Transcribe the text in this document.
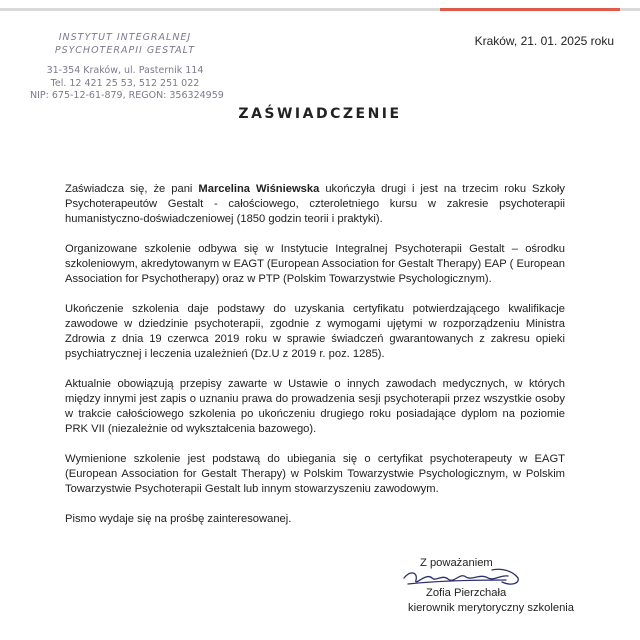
INSTYTUT INTEGRALNEJ
PSYCHOTERAPII GESTALT
31-354 Kraków, ul. Pasternik 114
Tel. 12 421 25 53, 512 251 022
NIP: 675-12-61-879, REGON: 356324959
Kraków, 21. 01. 2025 roku
ZAŚWIADCZENIE

Zaświadcza się, że pani Marcelina Wiśniewska ukończyła drugi i jest na trzecim roku Szkoły Psychoterapeutów Gestalt - całościowego, czteroletniego kursu w zakresie psychoterapii humanistyczno-doświadczeniowej (1850 godzin teorii i praktyki).

Organizowane szkolenie odbywa się w Instytucie Integralnej Psychoterapii Gestalt – ośrodku szkoleniowym, akredytowanym w EAGT (European Association for Gestalt Therapy) EAP ( European Association for Psychotherapy) oraz w PTP (Polskim Towarzystwie Psychologicznym).

Ukończenie szkolenia daje podstawy do uzyskania certyfikatu potwierdzającego kwalifikacje zawodowe w dziedzinie psychoterapii, zgodnie z wymogami ujętymi w rozporządzeniu Ministra Zdrowia z dnia 19 czerwca 2019 roku w sprawie świadczeń gwarantowanych z zakresu opieki psychiatrycznej i leczenia uzależnień (Dz.U z 2019 r. poz. 1285).

Aktualnie obowiązują przepisy zawarte w Ustawie o innych zawodach medycznych, w których między innymi jest zapis o uznaniu prawa do prowadzenia sesji psychoterapii przez wszystkie osoby w trakcie całościowego szkolenia po ukończeniu drugiego roku posiadające dyplom na poziomie PRK VII (niezależnie od wykształcenia bazowego).

Wymienione szkolenie jest podstawą do ubiegania się o certyfikat psychoterapeuty w EAGT (European Association for Gestalt Therapy) w Polskim Towarzystwie Psychologicznym, w Polskim Towarzystwie Psychoterapii Gestalt lub innym stowarzyszeniu zawodowym.

Pismo wydaje się na prośbę zainteresowanej.

Z poważaniem
Zofia Pierzchała
kierownik merytoryczny szkolenia
